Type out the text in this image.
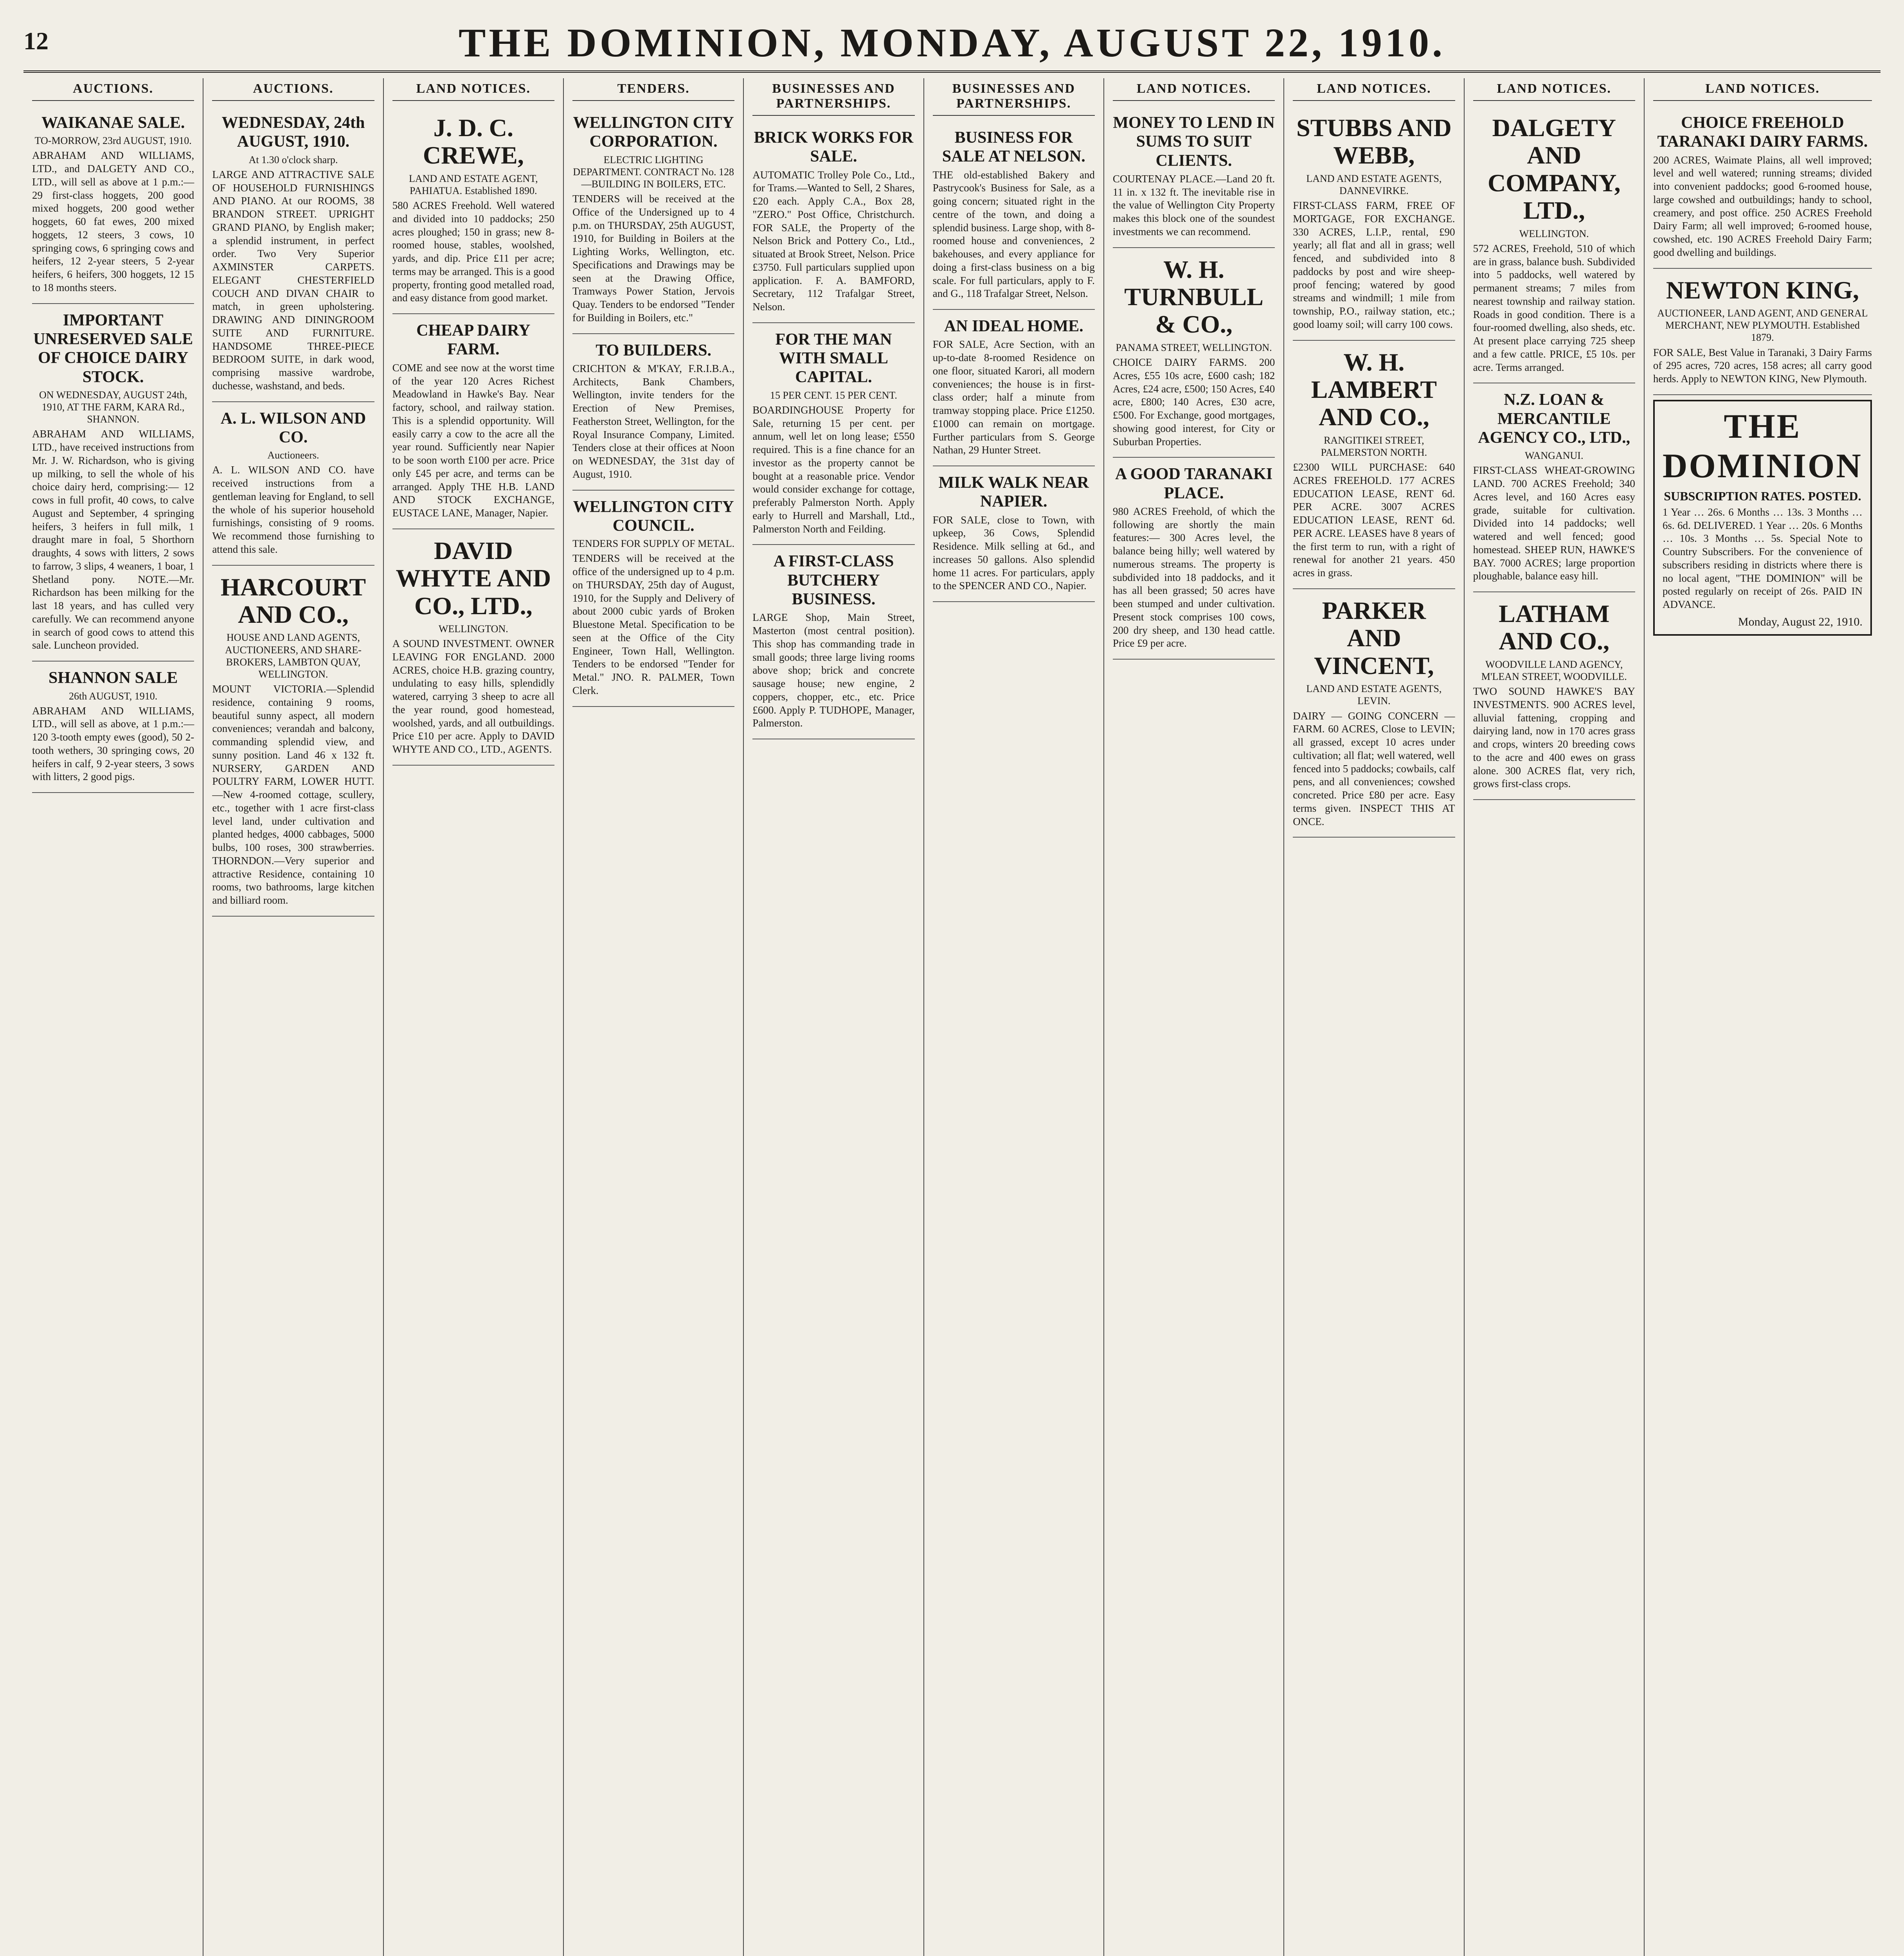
12	THE DOMINION, MONDAY, AUGUST 22, 1910.
AUCTIONS.
WAIKANAE SALE.
TO-MORROW, 23rd AUGUST, 1910.
ABRAHAM AND WILLIAMS, LTD., and DALGETY AND CO., LTD., will sell as above at 1 p.m.:— 29 first-class hoggets, 200 good mixed hoggets, 200 good wether hoggets, 60 fat ewes, 200 mixed hoggets, 12 steers, 3 cows, 10 springing cows, 6 springing cows and heifers, 12 2-year steers, 5 2-year heifers, 6 heifers, 300 hoggets, 12 15 to 18 months steers.
IMPORTANT UNRESERVED SALE OF CHOICE DAIRY STOCK.
ON WEDNESDAY, AUGUST 24th, 1910, AT THE FARM, KARA Rd., SHANNON.
ABRAHAM AND WILLIAMS, LTD., have received instructions from Mr. J. W. Richardson, who is giving up milking, to sell the whole of his choice dairy herd, comprising:— 12 cows in full profit, 40 cows, to calve August and September, 4 springing heifers, 3 heifers in full milk, 1 draught mare in foal, 5 Shorthorn draughts, 4 sows with litters, 2 sows to farrow, 3 slips, 4 weaners, 1 boar, 1 Shetland pony. NOTE.—Mr. Richardson has been milking for the last 18 years, and has culled very carefully. We can recommend anyone in search of good cows to attend this sale. Luncheon provided.
SHANNON SALE
26th AUGUST, 1910.
ABRAHAM AND WILLIAMS, LTD., will sell as above, at 1 p.m.:— 120 3-tooth empty ewes (good), 50 2-tooth wethers, 30 springing cows, 20 heifers in calf, 9 2-year steers, 3 sows with litters, 2 good pigs.
AUCTIONS.
WEDNESDAY, 24th AUGUST, 1910.
At 1.30 o'clock sharp.
LARGE AND ATTRACTIVE SALE OF HOUSEHOLD FURNISHINGS AND PIANO. At our ROOMS, 38 BRANDON STREET. UPRIGHT GRAND PIANO, by English maker; a splendid instrument, in perfect order. Two Very Superior AXMINSTER CARPETS. ELEGANT CHESTERFIELD COUCH AND DIVAN CHAIR to match, in green upholstering. DRAWING AND DININGROOM SUITE AND FURNITURE. HANDSOME THREE-PIECE BEDROOM SUITE, in dark wood, comprising massive wardrobe, duchesse, washstand, and beds.
A. L. WILSON AND CO.
Auctioneers.
A. L. WILSON AND CO. have received instructions from a gentleman leaving for England, to sell the whole of his superior household furnishings, consisting of 9 rooms. We recommend those furnishing to attend this sale.
HARCOURT AND CO.,
HOUSE AND LAND AGENTS, AUCTIONEERS, AND SHARE-BROKERS, LAMBTON QUAY, WELLINGTON.
MOUNT VICTORIA.—Splendid residence, containing 9 rooms, beautiful sunny aspect, all modern conveniences; verandah and balcony, commanding splendid view, and sunny position. Land 46 x 132 ft. NURSERY, GARDEN AND POULTRY FARM, LOWER HUTT.—New 4-roomed cottage, scullery, etc., together with 1 acre first-class level land, under cultivation and planted hedges, 4000 cabbages, 5000 bulbs, 100 roses, 300 strawberries. THORNDON.—Very superior and attractive Residence, containing 10 rooms, two bathrooms, large kitchen and billiard room.
LAND NOTICES.
J. D. C. CREWE,
LAND AND ESTATE AGENT, PAHIATUA. Established 1890.
580 ACRES Freehold. Well watered and divided into 10 paddocks; 250 acres ploughed; 150 in grass; new 8-roomed house, stables, woolshed, yards, and dip. Price £11 per acre; terms may be arranged. This is a good property, fronting good metalled road, and easy distance from good market.
CHEAP DAIRY FARM.
COME and see now at the worst time of the year 120 Acres Richest Meadowland in Hawke's Bay. Near factory, school, and railway station. This is a splendid opportunity. Will easily carry a cow to the acre all the year round. Sufficiently near Napier to be soon worth £100 per acre. Price only £45 per acre, and terms can be arranged. Apply THE H.B. LAND AND STOCK EXCHANGE, EUSTACE LANE, Manager, Napier.
DAVID WHYTE AND CO., LTD.,
WELLINGTON.
A SOUND INVESTMENT. OWNER LEAVING FOR ENGLAND. 2000 ACRES, choice H.B. grazing country, undulating to easy hills, splendidly watered, carrying 3 sheep to acre all the year round, good homestead, woolshed, yards, and all outbuildings. Price £10 per acre. Apply to DAVID WHYTE AND CO., LTD., AGENTS.
TENDERS.
WELLINGTON CITY CORPORATION.
ELECTRIC LIGHTING DEPARTMENT. CONTRACT No. 128—BUILDING IN BOILERS, ETC.
TENDERS will be received at the Office of the Undersigned up to 4 p.m. on THURSDAY, 25th AUGUST, 1910, for Building in Boilers at the Lighting Works, Wellington, etc. Specifications and Drawings may be seen at the Drawing Office, Tramways Power Station, Jervois Quay. Tenders to be endorsed "Tender for Building in Boilers, etc."
TO BUILDERS.
CRICHTON & M'KAY, F.R.I.B.A., Architects, Bank Chambers, Wellington, invite tenders for the Erection of New Premises, Featherston Street, Wellington, for the Royal Insurance Company, Limited. Tenders close at their offices at Noon on WEDNESDAY, the 31st day of August, 1910.
WELLINGTON CITY COUNCIL.
TENDERS FOR SUPPLY OF METAL.
TENDERS will be received at the office of the undersigned up to 4 p.m. on THURSDAY, 25th day of August, 1910, for the Supply and Delivery of about 2000 cubic yards of Broken Bluestone Metal. Specification to be seen at the Office of the City Engineer, Town Hall, Wellington. Tenders to be endorsed "Tender for Metal." JNO. R. PALMER, Town Clerk.
BUSINESSES AND PARTNERSHIPS.
BRICK WORKS FOR SALE.
AUTOMATIC Trolley Pole Co., Ltd., for Trams.—Wanted to Sell, 2 Shares, £20 each. Apply C.A., Box 28, "ZERO." Post Office, Christchurch. FOR SALE, the Property of the Nelson Brick and Pottery Co., Ltd., situated at Brook Street, Nelson. Price £3750. Full particulars supplied upon application. F. A. BAMFORD, Secretary, 112 Trafalgar Street, Nelson.
FOR THE MAN WITH SMALL CAPITAL.
15 PER CENT. 15 PER CENT.
BOARDINGHOUSE Property for Sale, returning 15 per cent. per annum, well let on long lease; £550 required. This is a fine chance for an investor as the property cannot be bought at a reasonable price. Vendor would consider exchange for cottage, preferably Palmerston North. Apply early to Hurrell and Marshall, Ltd., Palmerston North and Feilding.
A FIRST-CLASS BUTCHERY BUSINESS.
LARGE Shop, Main Street, Masterton (most central position). This shop has commanding trade in small goods; three large living rooms above shop; brick and concrete sausage house; new engine, 2 coppers, chopper, etc., etc. Price £600. Apply P. TUDHOPE, Manager, Palmerston.
BUSINESSES AND PARTNERSHIPS.
BUSINESS FOR SALE AT NELSON.
THE old-established Bakery and Pastrycook's Business for Sale, as a going concern; situated right in the centre of the town, and doing a splendid business. Large shop, with 8-roomed house and conveniences, 2 bakehouses, and every appliance for doing a first-class business on a big scale. For full particulars, apply to F. and G., 118 Trafalgar Street, Nelson.
AN IDEAL HOME.
FOR SALE, Acre Section, with an up-to-date 8-roomed Residence on one floor, situated Karori, all modern conveniences; the house is in first-class order; half a minute from tramway stopping place. Price £1250. £1000 can remain on mortgage. Further particulars from S. George Nathan, 29 Hunter Street.
MILK WALK NEAR NAPIER.
FOR SALE, close to Town, with upkeep, 36 Cows, Splendid Residence. Milk selling at 6d., and increases 50 gallons. Also splendid home 11 acres. For particulars, apply to the SPENCER AND CO., Napier.
LAND NOTICES.
MONEY TO LEND IN SUMS TO SUIT CLIENTS.
COURTENAY PLACE.—Land 20 ft. 11 in. x 132 ft. The inevitable rise in the value of Wellington City Property makes this block one of the soundest investments we can recommend.
W. H. TURNBULL & CO.,
PANAMA STREET, WELLINGTON.
CHOICE DAIRY FARMS. 200 Acres, £55 10s acre, £600 cash; 182 Acres, £24 acre, £500; 150 Acres, £40 acre, £800; 140 Acres, £30 acre, £500. For Exchange, good mortgages, showing good interest, for City or Suburban Properties.
A GOOD TARANAKI PLACE.
980 ACRES Freehold, of which the following are shortly the main features:— 300 Acres level, the balance being hilly; well watered by numerous streams. The property is subdivided into 18 paddocks, and it has all been grassed; 50 acres have been stumped and under cultivation. Present stock comprises 100 cows, 200 dry sheep, and 130 head cattle. Price £9 per acre.
LAND NOTICES.
STUBBS AND WEBB,
LAND AND ESTATE AGENTS, DANNEVIRKE.
FIRST-CLASS FARM, FREE OF MORTGAGE, FOR EXCHANGE. 330 ACRES, L.I.P., rental, £90 yearly; all flat and all in grass; well fenced, and subdivided into 8 paddocks by post and wire sheep-proof fencing; watered by good streams and windmill; 1 mile from township, P.O., railway station, etc.; good loamy soil; will carry 100 cows.
W. H. LAMBERT AND CO.,
RANGITIKEI STREET, PALMERSTON NORTH.
£2300 WILL PURCHASE: 640 ACRES FREEHOLD. 177 ACRES EDUCATION LEASE, RENT 6d. PER ACRE. 3007 ACRES EDUCATION LEASE, RENT 6d. PER ACRE. LEASES have 8 years of the first term to run, with a right of renewal for another 21 years. 450 acres in grass.
PARKER AND VINCENT,
LAND AND ESTATE AGENTS, LEVIN.
DAIRY — GOING CONCERN — FARM. 60 ACRES, Close to LEVIN; all grassed, except 10 acres under cultivation; all flat; well watered, well fenced into 5 paddocks; cowbails, calf pens, and all conveniences; cowshed concreted. Price £80 per acre. Easy terms given. INSPECT THIS AT ONCE.
LAND NOTICES.
DALGETY AND COMPANY, LTD.,
WELLINGTON.
572 ACRES, Freehold, 510 of which are in grass, balance bush. Subdivided into 5 paddocks, well watered by permanent streams; 7 miles from nearest township and railway station. Roads in good condition. There is a four-roomed dwelling, also sheds, etc. At present place carrying 725 sheep and a few cattle. PRICE, £5 10s. per acre. Terms arranged.
N.Z. LOAN & MERCANTILE AGENCY CO., LTD.,
WANGANUI.
FIRST-CLASS WHEAT-GROWING LAND. 700 ACRES Freehold; 340 Acres level, and 160 Acres easy grade, suitable for cultivation. Divided into 14 paddocks; well watered and well fenced; good homestead. SHEEP RUN, HAWKE'S BAY. 7000 ACRES; large proportion ploughable, balance easy hill.
LATHAM AND CO.,
WOODVILLE LAND AGENCY, M'LEAN STREET, WOODVILLE.
TWO SOUND HAWKE'S BAY INVESTMENTS. 900 ACRES level, alluvial fattening, cropping and dairying land, now in 170 acres grass and crops, winters 20 breeding cows to the acre and 400 ewes on grass alone. 300 ACRES flat, very rich, grows first-class crops.
LAND NOTICES.
CHOICE FREEHOLD TARANAKI DAIRY FARMS.
200 ACRES, Waimate Plains, all well improved; level and well watered; running streams; divided into convenient paddocks; good 6-roomed house, large cowshed and outbuildings; handy to school, creamery, and post office. 250 ACRES Freehold Dairy Farm; all well improved; 6-roomed house, cowshed, etc. 190 ACRES Freehold Dairy Farm; good dwelling and buildings.
NEWTON KING,
AUCTIONEER, LAND AGENT, AND GENERAL MERCHANT, NEW PLYMOUTH. Established 1879.
FOR SALE, Best Value in Taranaki, 3 Dairy Farms of 295 acres, 720 acres, 158 acres; all carry good herds. Apply to NEWTON KING, New Plymouth.
THE DOMINION
SUBSCRIPTION RATES. POSTED.
1 Year … 26s. 6 Months … 13s. 3 Months … 6s. 6d. DELIVERED. 1 Year … 20s. 6 Months … 10s. 3 Months … 5s. Special Note to Country Subscribers. For the convenience of subscribers residing in districts where there is no local agent, "THE DOMINION" will be posted regularly on receipt of 26s. PAID IN ADVANCE.
Monday, August 22, 1910.
